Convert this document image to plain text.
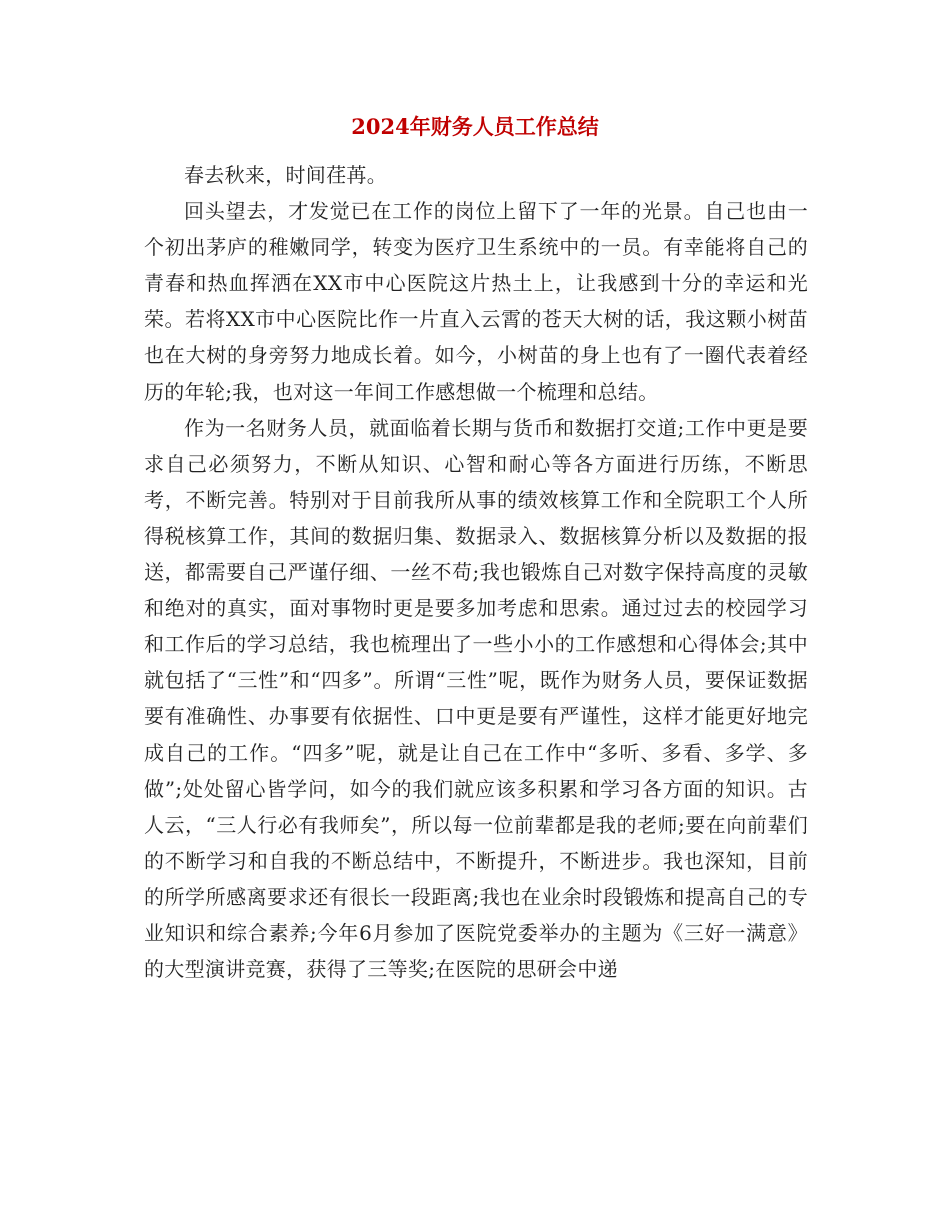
2024年财务人员工作总结

春去秋来，时间荏苒。

回头望去，才发觉已在工作的岗位上留下了一年的光景。自己也由一个初出茅庐的稚嫩同学，转变为医疗卫生系统中的一员。有幸能将自己的青春和热血挥洒在XX市中心医院这片热土上，让我感到十分的幸运和光荣。若将XX市中心医院比作一片直入云霄的苍天大树的话，我这颗小树苗也在大树的身旁努力地成长着。如今，小树苗的身上也有了一圈代表着经历的年轮;我，也对这一年间工作感想做一个梳理和总结。

作为一名财务人员，就面临着长期与货币和数据打交道;工作中更是要求自己必须努力，不断从知识、心智和耐心等各方面进行历练，不断思考，不断完善。特别对于目前我所从事的绩效核算工作和全院职工个人所得税核算工作，其间的数据归集、数据录入、数据核算分析以及数据的报送，都需要自己严谨仔细、一丝不苟;我也锻炼自己对数字保持高度的灵敏和绝对的真实，面对事物时更是要多加考虑和思索。通过过去的校园学习和工作后的学习总结，我也梳理出了一些小小的工作感想和心得体会;其中就包括了“三性”和“四多”。所谓“三性”呢，既作为财务人员，要保证数据要有准确性、办事要有依据性、口中更是要有严谨性，这样才能更好地完成自己的工作。“四多”呢，就是让自己在工作中“多听、多看、多学、多做”;处处留心皆学问，如今的我们就应该多积累和学习各方面的知识。古人云，“三人行必有我师矣”，所以每一位前辈都是我的老师;要在向前辈们的不断学习和自我的不断总结中，不断提升，不断进步。我也深知，目前的所学所感离要求还有很长一段距离;我也在业余时段锻炼和提高自己的专业知识和综合素养;今年6月参加了医院党委举办的主题为《三好一满意》的大型演讲竞赛，获得了三等奖;在医院的思研会中递
